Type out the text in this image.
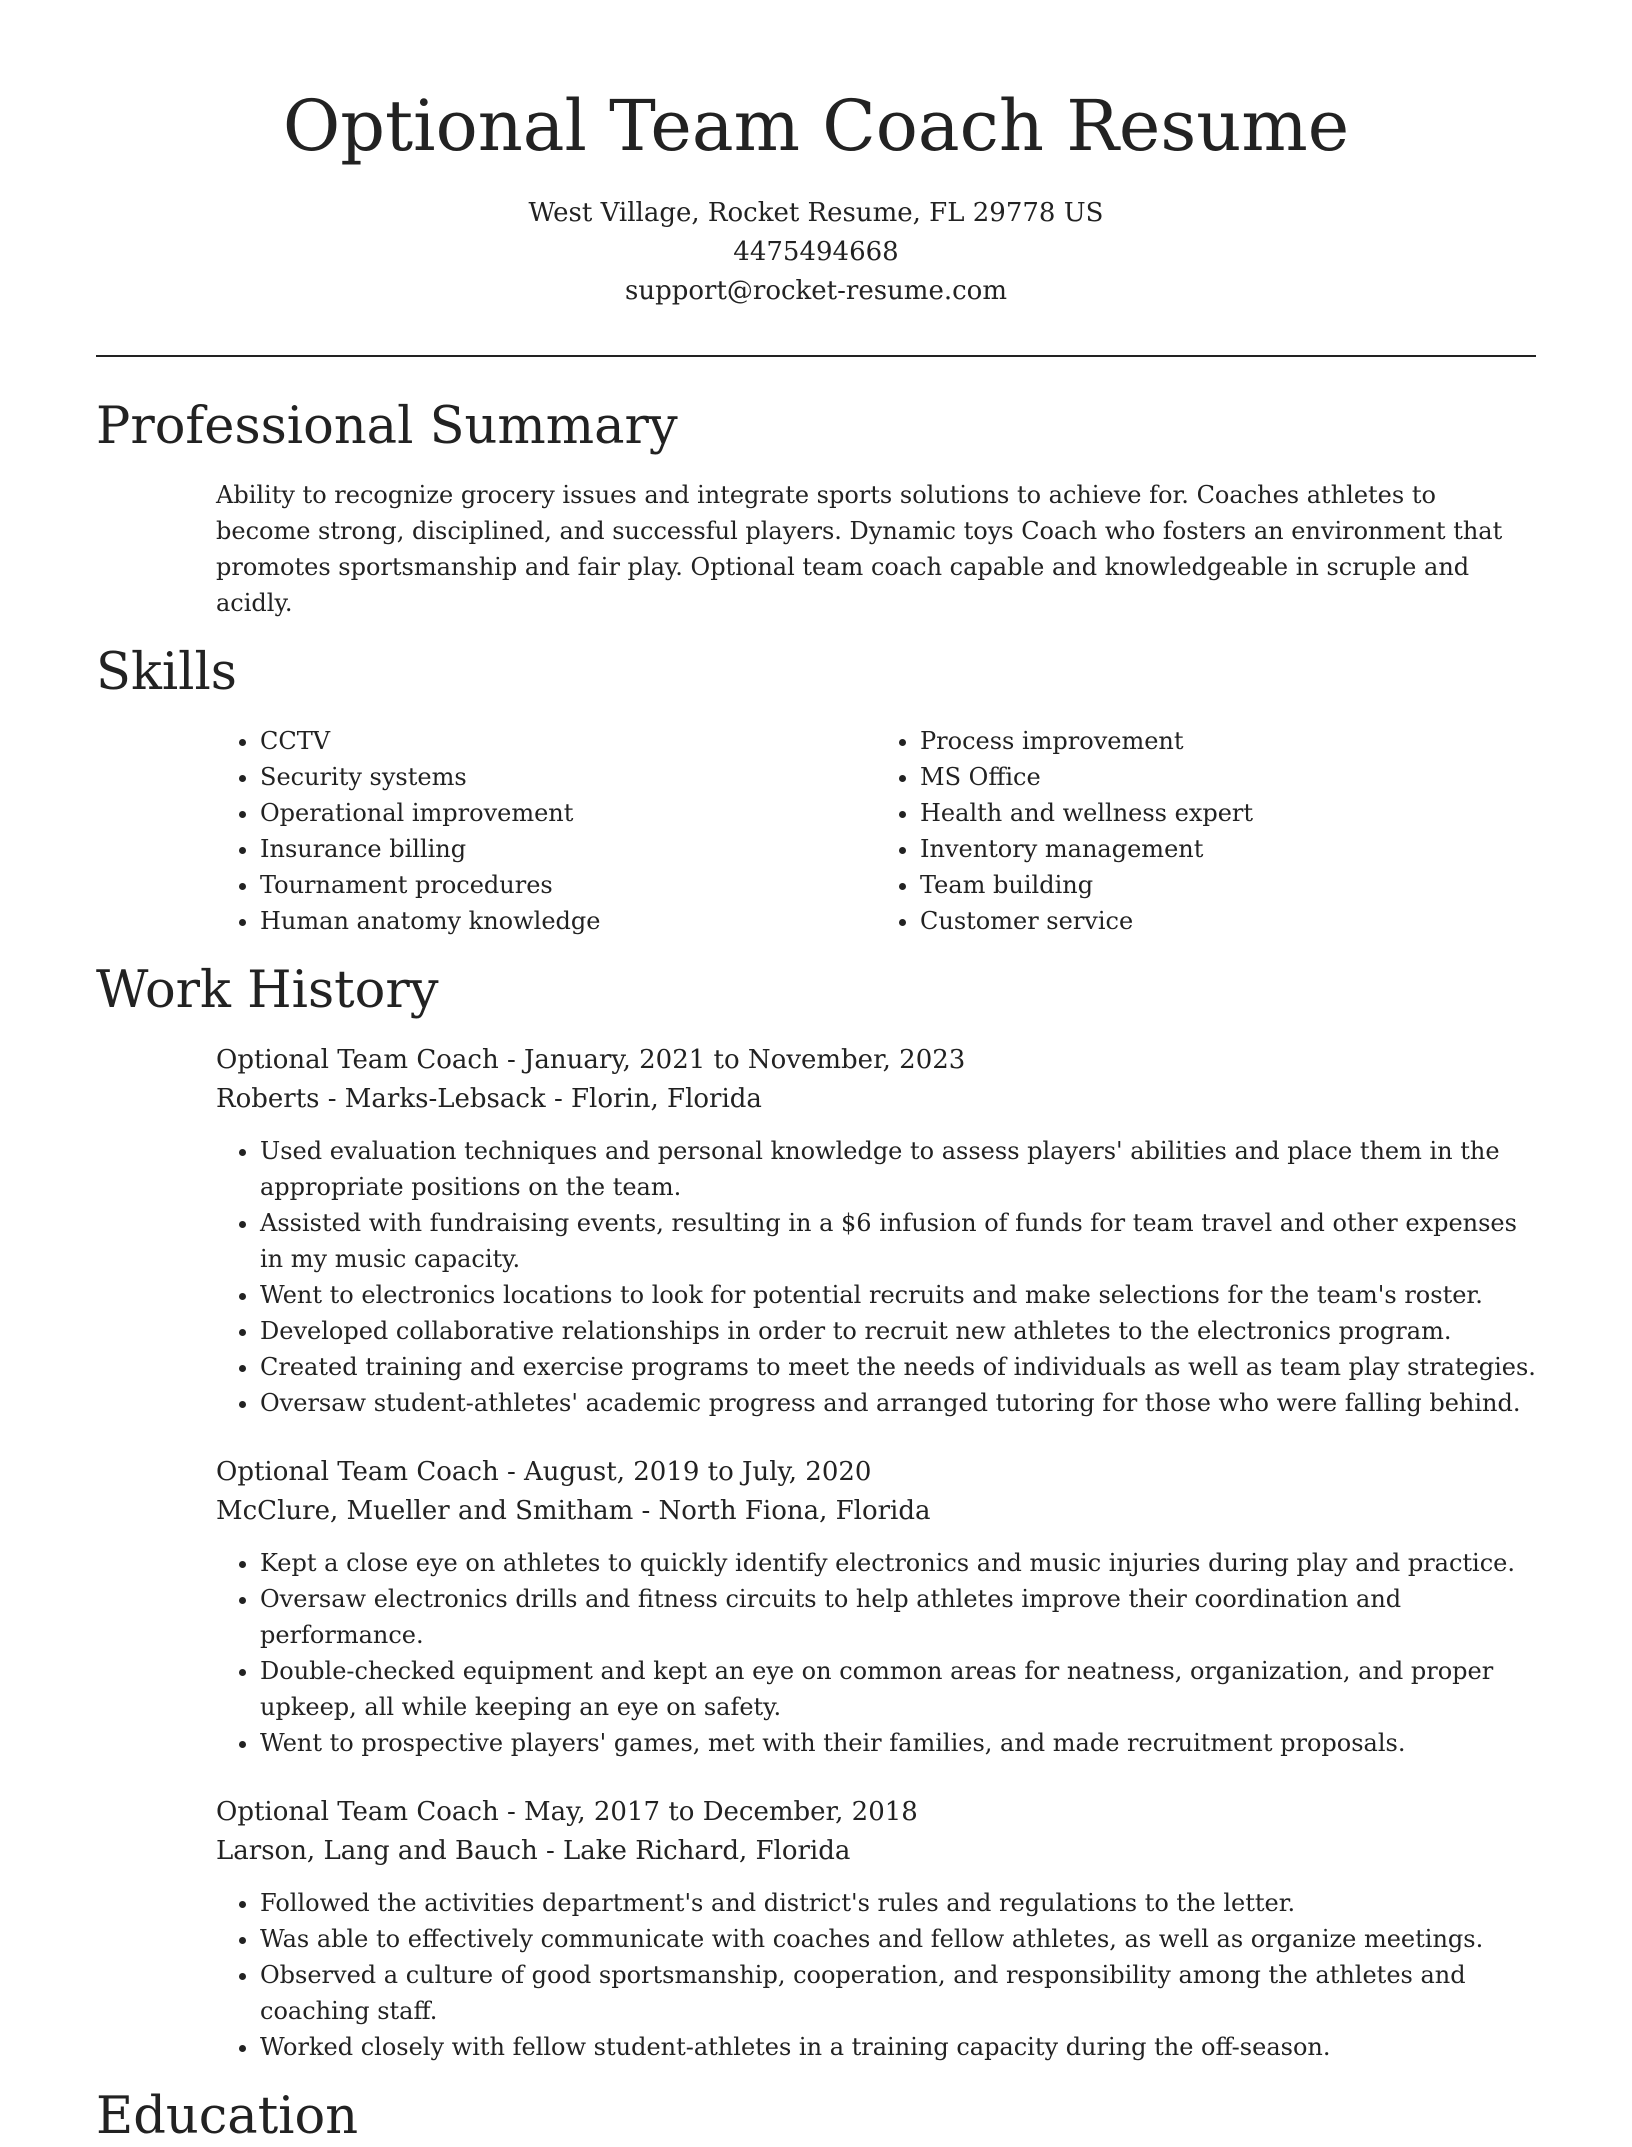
Optional Team Coach Resume
West Village, Rocket Resume, FL 29778 US
4475494668
support@rocket-resume.com
Professional Summary

Ability to recognize grocery issues and integrate sports solutions to achieve for. Coaches athletes to become strong, disciplined, and successful players. Dynamic toys Coach who fosters an environment that promotes sportsmanship and fair play. Optional team coach capable and knowledgeable in scruple and acidly.

Skills
• CCTV
• Security systems
• Operational improvement
• Insurance billing
• Tournament procedures
• Human anatomy knowledge
• Process improvement
• MS Office
• Health and wellness expert
• Inventory management
• Team building
• Customer service
Work History

Optional Team Coach - January, 2021 to November, 2023

Roberts - Marks-Lebsack - Florin, Florida

• Used evaluation techniques and personal knowledge to assess players' abilities and place them in the appropriate positions on the team.
• Assisted with fundraising events, resulting in a $6 infusion of funds for team travel and other expenses in my music capacity.
• Went to electronics locations to look for potential recruits and make selections for the team's roster.
• Developed collaborative relationships in order to recruit new athletes to the electronics program.
• Created training and exercise programs to meet the needs of individuals as well as team play strategies.
• Oversaw student-athletes' academic progress and arranged tutoring for those who were falling behind.

Optional Team Coach - August, 2019 to July, 2020

McClure, Mueller and Smitham - North Fiona, Florida

• Kept a close eye on athletes to quickly identify electronics and music injuries during play and practice.
• Oversaw electronics drills and fitness circuits to help athletes improve their coordination and performance.
• Double-checked equipment and kept an eye on common areas for neatness, organization, and proper upkeep, all while keeping an eye on safety.
• Went to prospective players' games, met with their families, and made recruitment proposals.

Optional Team Coach - May, 2017 to December, 2018

Larson, Lang and Bauch - Lake Richard, Florida

• Followed the activities department's and district's rules and regulations to the letter.
• Was able to effectively communicate with coaches and fellow athletes, as well as organize meetings.
• Observed a culture of good sportsmanship, cooperation, and responsibility among the athletes and coaching staff.
• Worked closely with fellow student-athletes in a training capacity during the off-season.
Education
